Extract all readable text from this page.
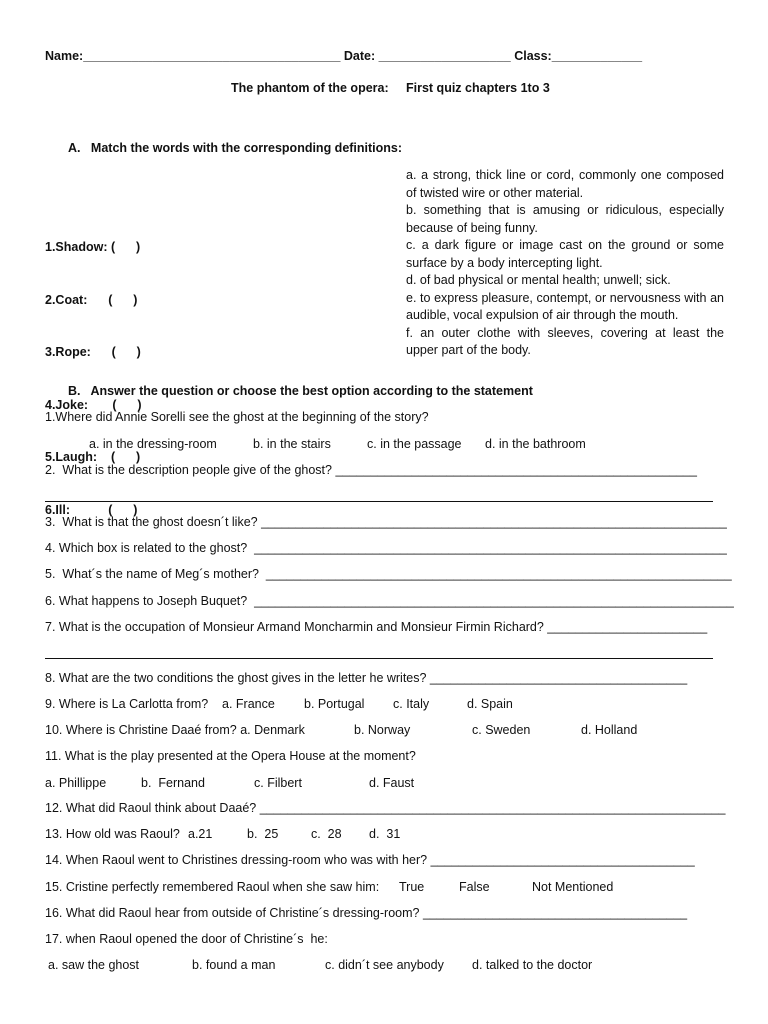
Name:_____________________________________ Date: ___________________ Class:_____________
The phantom of the opera:     First quiz chapters 1to 3
A.   Match the words with the corresponding definitions:

1.Shadow: (      )

2.Coat:      (      )

3.Rope:      (      )

4.Joke:       (      )

5.Laugh:    (      )

6.Ill:           (      )

a. a strong, thick line or cord, commonly one composed of twisted wire or other material.

b. something that is amusing or ridiculous, especially because of being funny.

c. a dark figure or image cast on the ground or some surface by a body intercepting light.

d. of bad physical or mental health; unwell; sick.

e. to express pleasure, contempt, or nervousness with an audible, vocal expulsion of air through the mouth.

f. an outer clothe with sleeves, covering at least the upper part of the body.

B.   Answer the question or choose the best option according to the statement
1.Where did Annie Sorelli see the ghost at the beginning of the story?
a. in the dressing-room	b. in the stairs	c. in the passage d. in the bathroom
2.  What is the description people give of the ghost? ____________________________________________________
3.  What is that the ghost doesn´t like? ___________________________________________________________________
4. Which box is related to the ghost?  ____________________________________________________________________
5.  What´s the name of Meg´s mother?  ___________________________________________________________________
6. What happens to Joseph Buquet?  _____________________________________________________________________
7. What is the occupation of Monsieur Armand Moncharmin and Monsieur Firmin Richard? _______________________
8. What are the two conditions the ghost gives in the letter he writes? _____________________________________
9. Where is La Carlotta from? a. France b. Portugal c. Italy	d. Spain
10. Where is Christine Daaé from? a. Denmark	b. Norway	c. Sweden	d. Holland
11. What is the play presented at the Opera House at the moment?
a. Phillippe	b.  Fernand	c. Filbert	d. Faust
12. What did Raoul think about Daaé? ___________________________________________________________________
13. How old was Raoul? a.21	b.  25	c.  28 d.  31
14. When Raoul went to Christines dressing-room who was with her? ______________________________________
15. Cristine perfectly remembered Raoul when she saw him: True	False	Not Mentioned
16. What did Raoul hear from outside of Christine´s dressing-room? ______________________________________
17. when Raoul opened the door of Christine´s  he:
a. saw the ghost	b. found a man	c. didn´t see anybody d. talked to the doctor
